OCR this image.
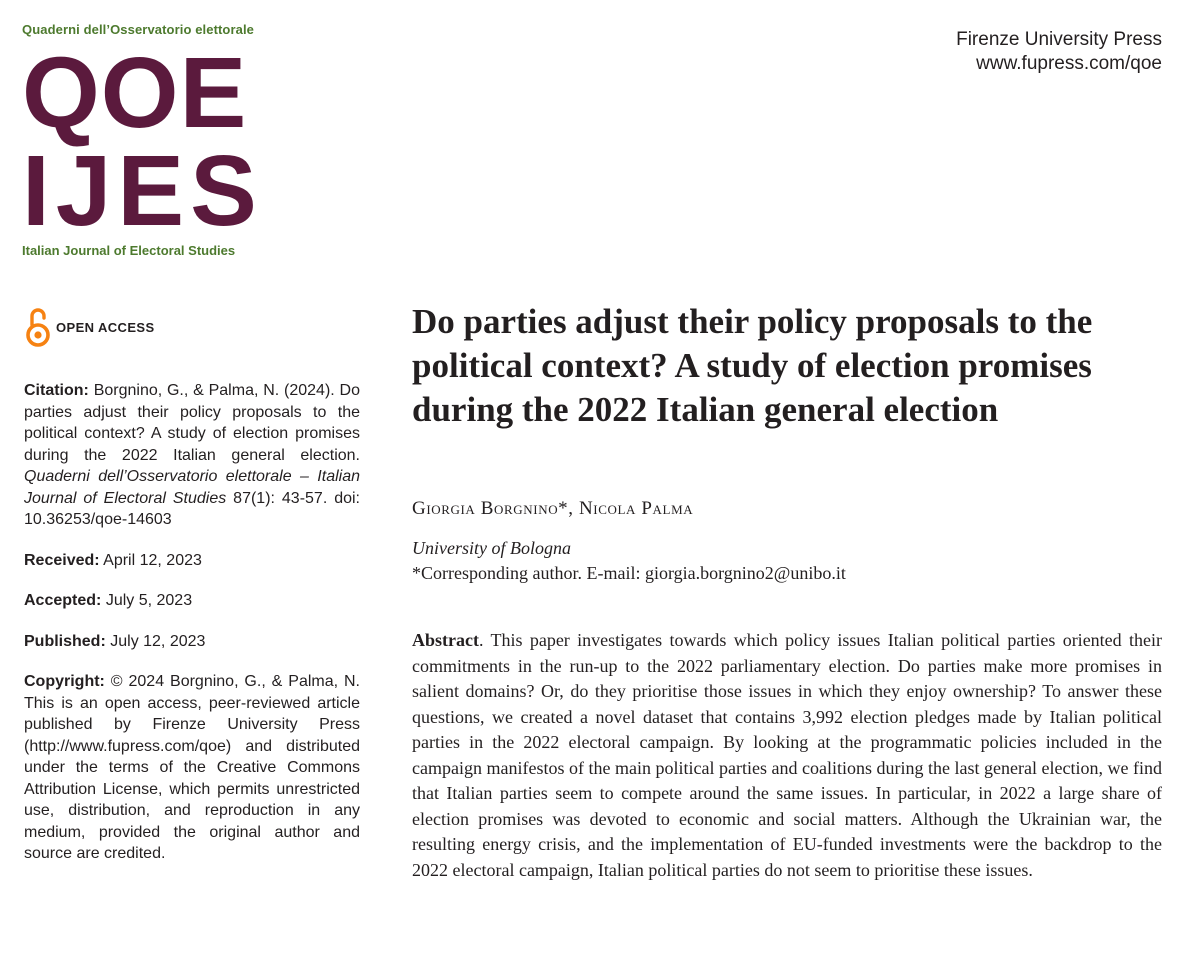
Quaderni dell’Osservatorio elettorale
QOE
IJES
Italian Journal of Electoral Studies
Firenze University Press
www.fupress.com/qoe
OPEN ACCESS
Citation: Borgnino, G., & Palma, N. (2024). Do parties adjust their policy proposals to the political context? A study of election promises during the 2022 Italian general election. Quaderni dell’Osservatorio elettorale – Italian Journal of Electoral Studies 87(1): 43-57. doi: 10.36253/qoe-14603
Received: April 12, 2023
Accepted: July 5, 2023
Published: July 12, 2023
Copyright: © 2024 Borgnino, G., & Palma, N. This is an open access, peer-reviewed article published by Firenze University Press (http://www.fupress.com/qoe) and distributed under the terms of the Creative Commons Attribution License, which permits unrestricted use, distribution, and reproduction in any medium, provided the original author and source are credited.
Do parties adjust their policy proposals to the political context? A study of election promises during the 2022 Italian general election
Giorgia Borgnino*, Nicola Palma
University of Bologna
*Corresponding author. E-mail: giorgia.borgnino2@unibo.it
Abstract. This paper investigates towards which policy issues Italian political parties oriented their commitments in the run-up to the 2022 parliamentary election. Do parties make more promises in salient domains? Or, do they prioritise those issues in which they enjoy ownership? To answer these questions, we created a novel dataset that contains 3,992 election pledges made by Italian political parties in the 2022 electoral campaign. By looking at the programmatic policies included in the campaign manifestos of the main political parties and coalitions during the last general election, we find that Italian parties seem to compete around the same issues. In particular, in 2022 a large share of election promises was devoted to economic and social matters. Although the Ukrainian war, the resulting energy crisis, and the implementation of EU-funded investments were the backdrop to the 2022 electoral campaign, Italian political parties do not seem to prioritise these issues.
